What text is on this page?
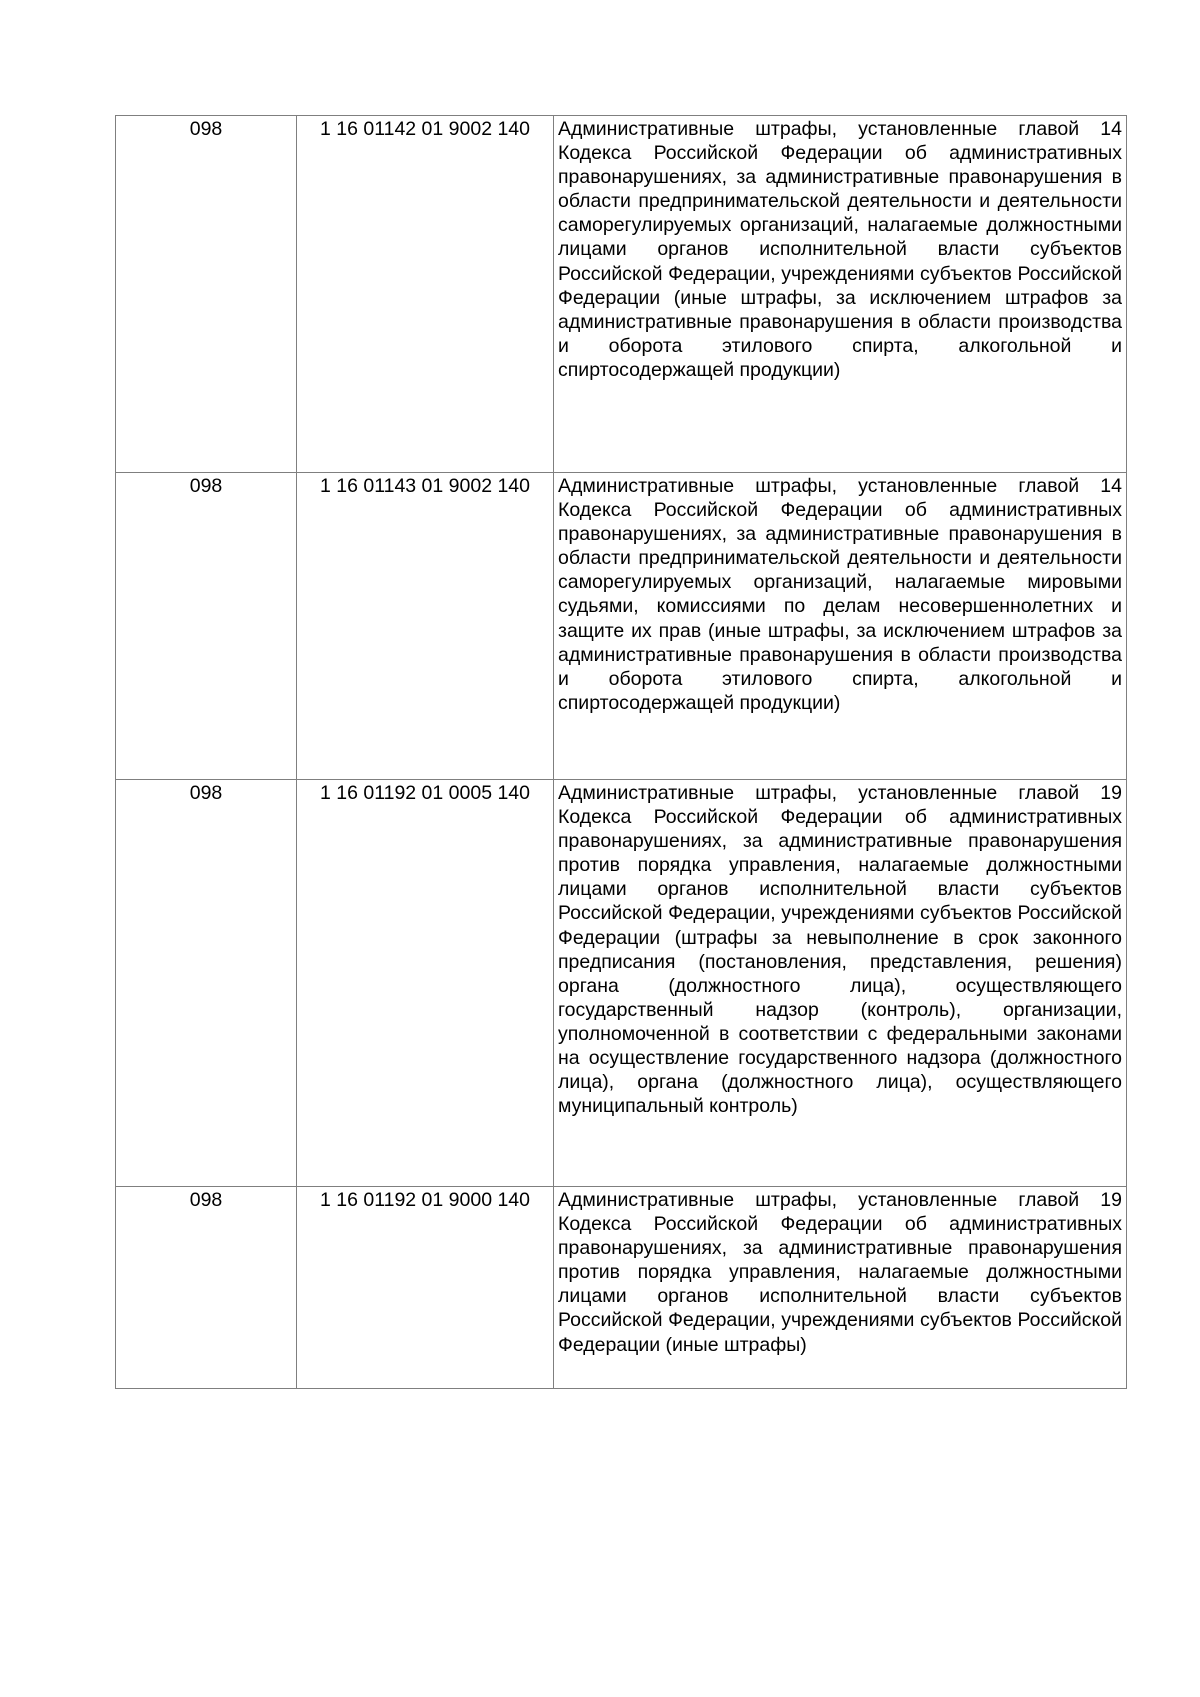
098	1 16 01142 01 9002 140	Административные штрафы, установленные главой 14 Кодекса Российской Федерации об административных правонарушениях, за административные правонарушения в области предпринимательской деятельности и деятельности саморегулируемых организаций, налагаемые должностными лицами органов исполнительной власти субъектов Российской Федерации, учреждениями субъектов Российской Федерации (иные штрафы, за исключением штрафов за административные правонарушения в области производства и оборота этилового спирта, алкогольной и спиртосодержащей продукции)

098	1 16 01143 01 9002 140	Административные штрафы, установленные главой 14 Кодекса Российской Федерации об административных правонарушениях, за административные правонарушения в области предпринимательской деятельности и деятельности саморегулируемых организаций, налагаемые мировыми судьями, комиссиями по делам несовершеннолетних и защите их прав (иные штрафы, за исключением штрафов за административные правонарушения в области производства и оборота этилового спирта, алкогольной и спиртосодержащей продукции)

098	1 16 01192 01 0005 140	Административные штрафы, установленные главой 19 Кодекса Российской Федерации об административных правонарушениях, за административные правонарушения против порядка управления, налагаемые должностными лицами органов исполнительной власти субъектов Российской Федерации, учреждениями субъектов Российской Федерации (штрафы за невыполнение в срок законного предписания (постановления, представления, решения) органа (должностного лица), осуществляющего государственный надзор (контроль), организации, уполномоченной в соответствии с федеральными законами на осуществление государственного надзора (должностного лица), органа (должностного лица), осуществляющего муниципальный контроль)

098	1 16 01192 01 9000 140	Административные штрафы, установленные главой 19 Кодекса Российской Федерации об административных правонарушениях, за административные правонарушения против порядка управления, налагаемые должностными лицами органов исполнительной власти субъектов Российской Федерации, учреждениями субъектов Российской Федерации (иные штрафы)
